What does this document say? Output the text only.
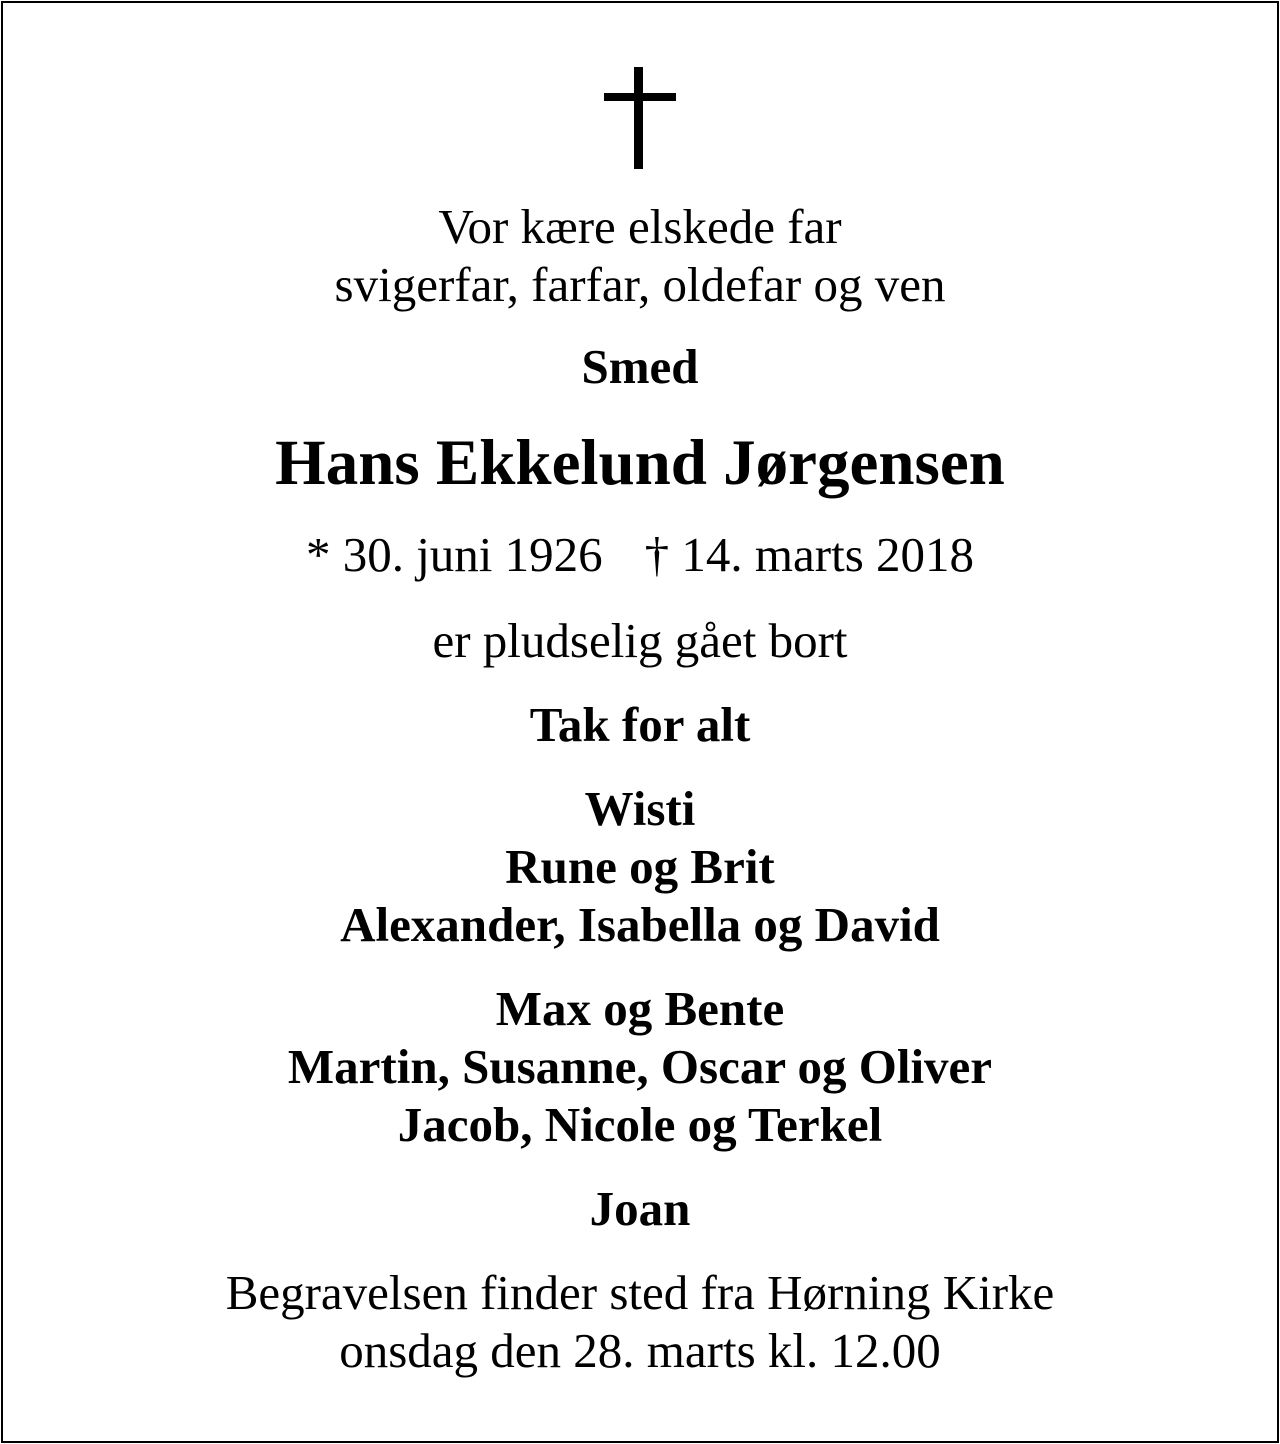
Vor kære elskede far
svigerfar, farfar, oldefar og ven
Smed
Hans Ekkelund Jørgensen
* 30. juni 1926 † 14. marts 2018
er pludselig gået bort
Tak for alt
Wisti
Rune og Brit
Alexander, Isabella og David
Max og Bente
Martin, Susanne, Oscar og Oliver
Jacob, Nicole og Terkel
Joan
Begravelsen finder sted fra Hørning Kirke
onsdag den 28. marts kl. 12.00
